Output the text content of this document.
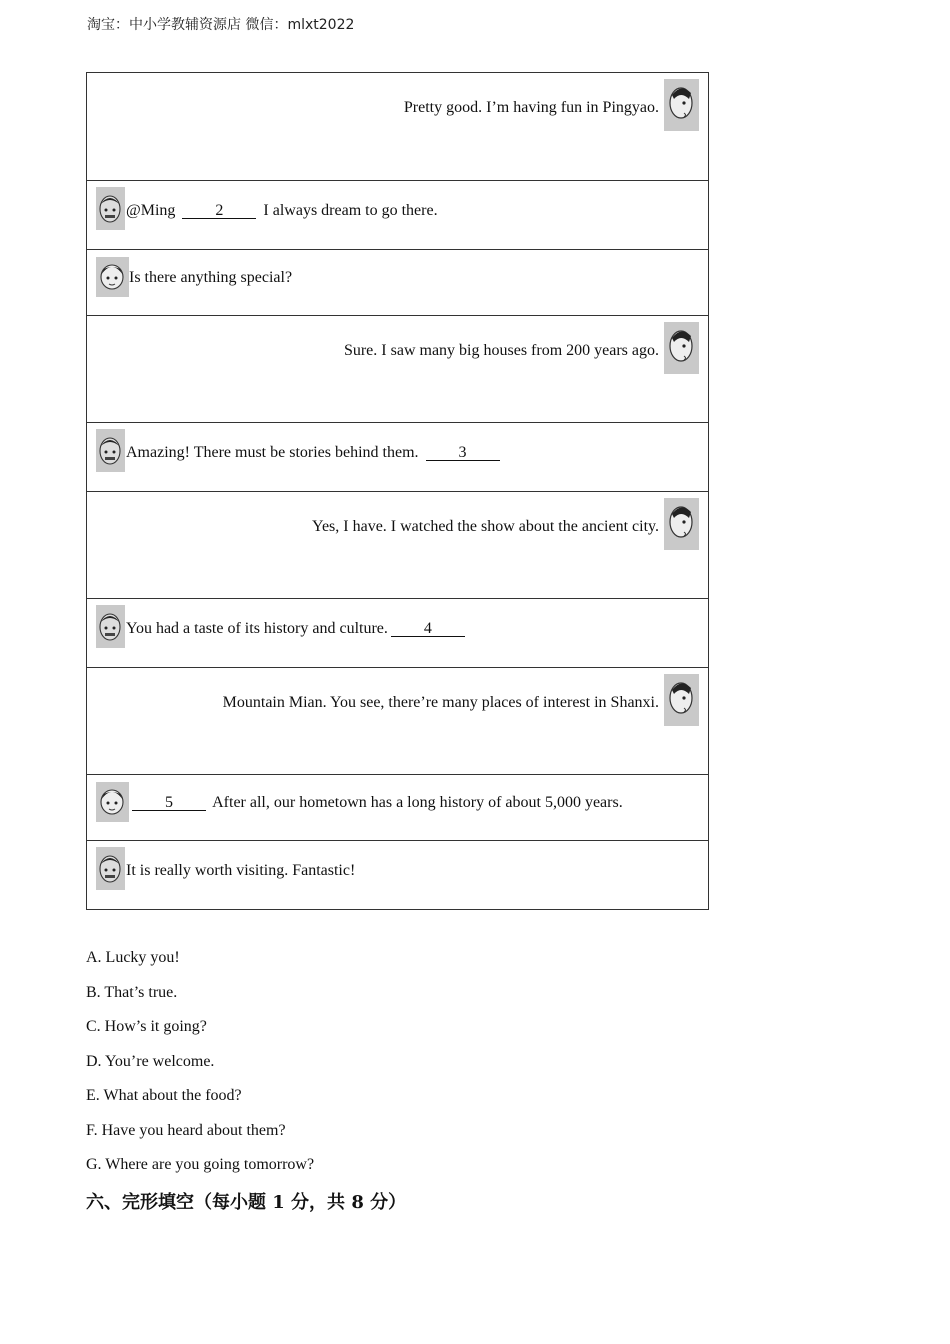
淘宝：中小学教辅资源店 微信：mlxt2022
Pretty good. I’m having fun in Pingyao.
@Ming 2 I always dream to go there.
Is there anything special?
Sure. I saw many big houses from 200 years ago.
Amazing! There must be stories behind them. 3
Yes, I have. I watched the show about the ancient city.
You had a taste of its history and culture. 4
Mountain Mian. You see, there’re many places of interest in Shanxi.
5 After all, our hometown has a long history of about 5,000 years.
It is really worth visiting. Fantastic!
A. Lucky you!
B. That’s true.
C. How’s it going?
D. You’re welcome.
E. What about the food?
F. Have you heard about them?
G. Where are you going tomorrow?
六、完形填空（每小题 1 分，共 8 分）
